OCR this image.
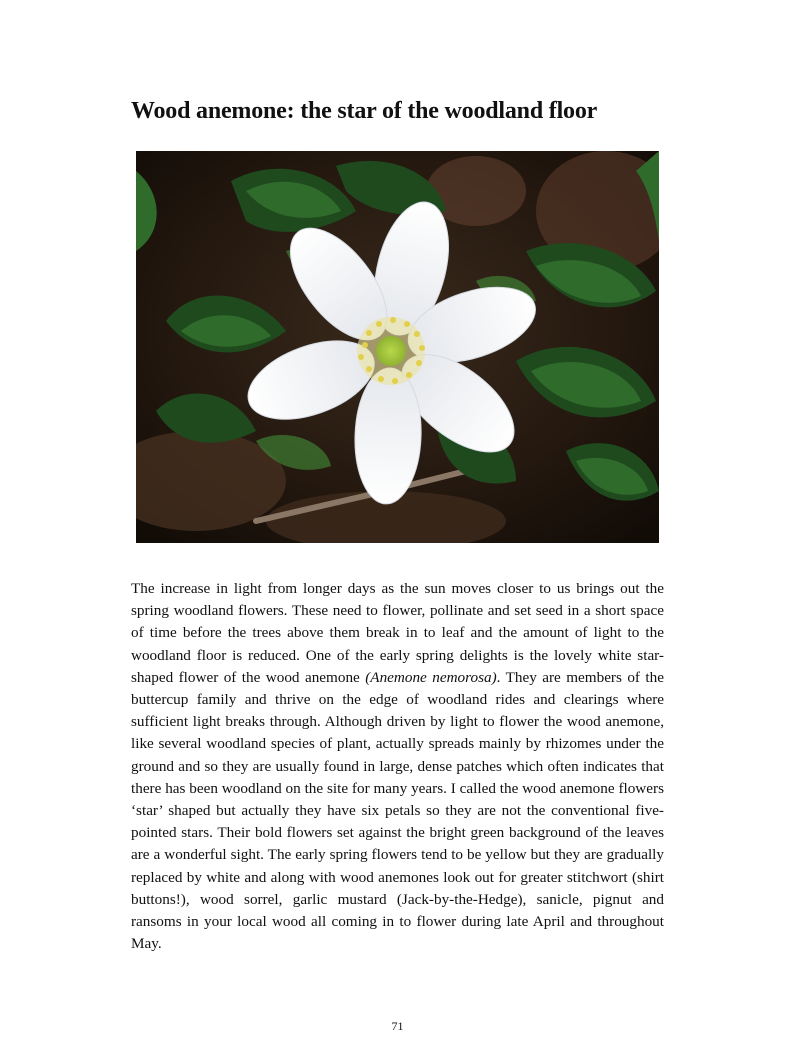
Wood anemone: the star of the woodland floor

The increase in light from longer days as the sun moves closer to us brings out the spring woodland flowers. These need to flower, pollinate and set seed in a short space of time before the trees above them break in to leaf and the amount of light to the woodland floor is reduced. One of the early spring delights is the lovely white star-shaped flower of the wood anemone (Anemone nemorosa). They are members of the buttercup family and thrive on the edge of woodland rides and clearings where sufficient light breaks through. Although driven by light to flower the wood anemone, like several woodland species of plant, actually spreads mainly by rhizomes under the ground and so they are usually found in large, dense patches which often indicates that there has been woodland on the site for many years. I called the wood anemone flowers ‘star’ shaped but actually they have six petals so they are not the conventional five-pointed stars. Their bold flowers set against the bright green background of the leaves are a wonderful sight. The early spring flowers tend to be yellow but they are gradually replaced by white and along with wood anemones look out for greater stitchwort (shirt buttons!), wood sorrel, garlic mustard (Jack-by-the-Hedge), sanicle, pignut and ransoms in your local wood all coming in to flower during late April and throughout May.

71
